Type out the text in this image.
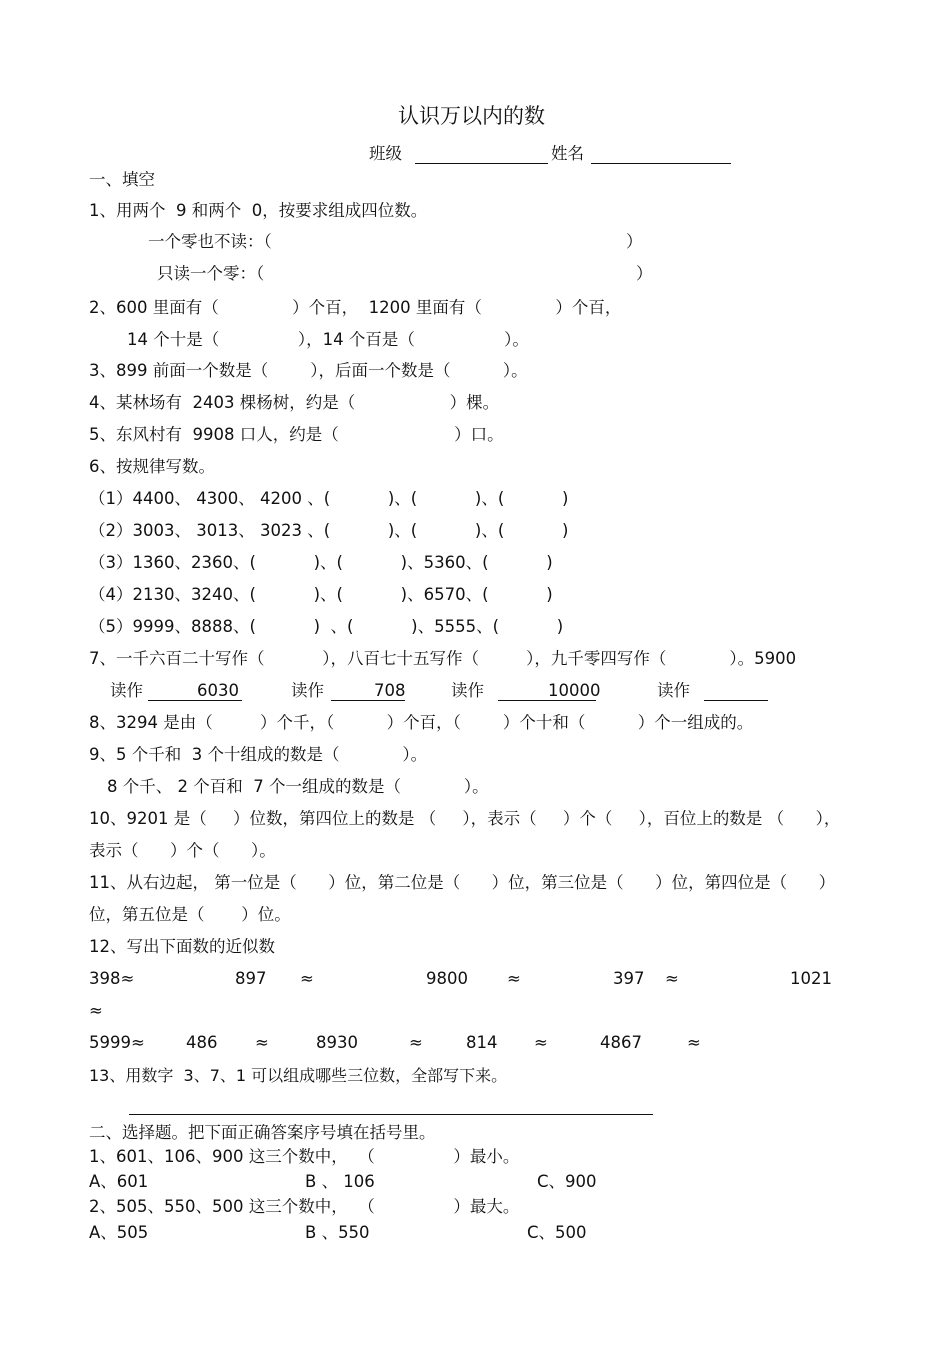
认识万以内的数
班级	姓名
一、填空
1、用两个  9 和两个  0，按要求组成四位数。
一个零也不读：（	）
只读一个零：（	）
2、600 里面有（              ）个百，  1200 里面有（              ）个百，
14 个十是（               ），14 个百是（                 ）。
3、899 前面一个数是（        ），后面一个数是（          ）。
4、某林场有  2403 棵杨树，约是（                  ）棵。
5、东风村有  9908 口人，约是（                      ）口。
6、按规律写数。
（1）4400、 4300、 4200 、(           )、(           )、(           )
（2）3003、 3013、 3023 、(           )、(           )、(           )
（3）1360、2360、(           )、(           )、5360、(           )
（4）2130、3240、(           )、(           )、6570、(           )
（5）9999、8888、(           )  、(           )、5555、(           )
7、一千六百二十写作（           ），八百七十五写作（         ），九千零四写作（            ）。5900
读作	6030	读作	708	读作	10000	读作
8、3294 是由（         ）个千，（          ）个百，（        ）个十和（          ）个一组成的。
9、5 个千和  3 个十组成的数是（            ）。
8 个千、 2 个百和  7 个一组成的数是（            ）。
10、9201 是（     ）位数，第四位上的数是 （     ），表示（     ）个（     ），百位上的数是 （      ），
表示（      ）个（      ）。
11、从右边起， 第一位是（      ）位，第二位是（      ）位，第三位是（      ）位，第四位是（      ）
位，第五位是（       ）位。
12、写出下面数的近似数
398≈	897 ≈	9800 ≈	397 ≈	1021
≈
5999≈ 486 ≈	8930	≈	814 ≈	4867	≈
13、用数字  3、7、1 可以组成哪些三位数，全部写下来。
二、选择题。把下面正确答案序号填在括号里。
1、601、106、900 这三个数中，  （               ）最小。
A、601	B 、 106	C、900
2、505、550、500 这三个数中，  （               ）最大。
A、505	B 、550	C、500
